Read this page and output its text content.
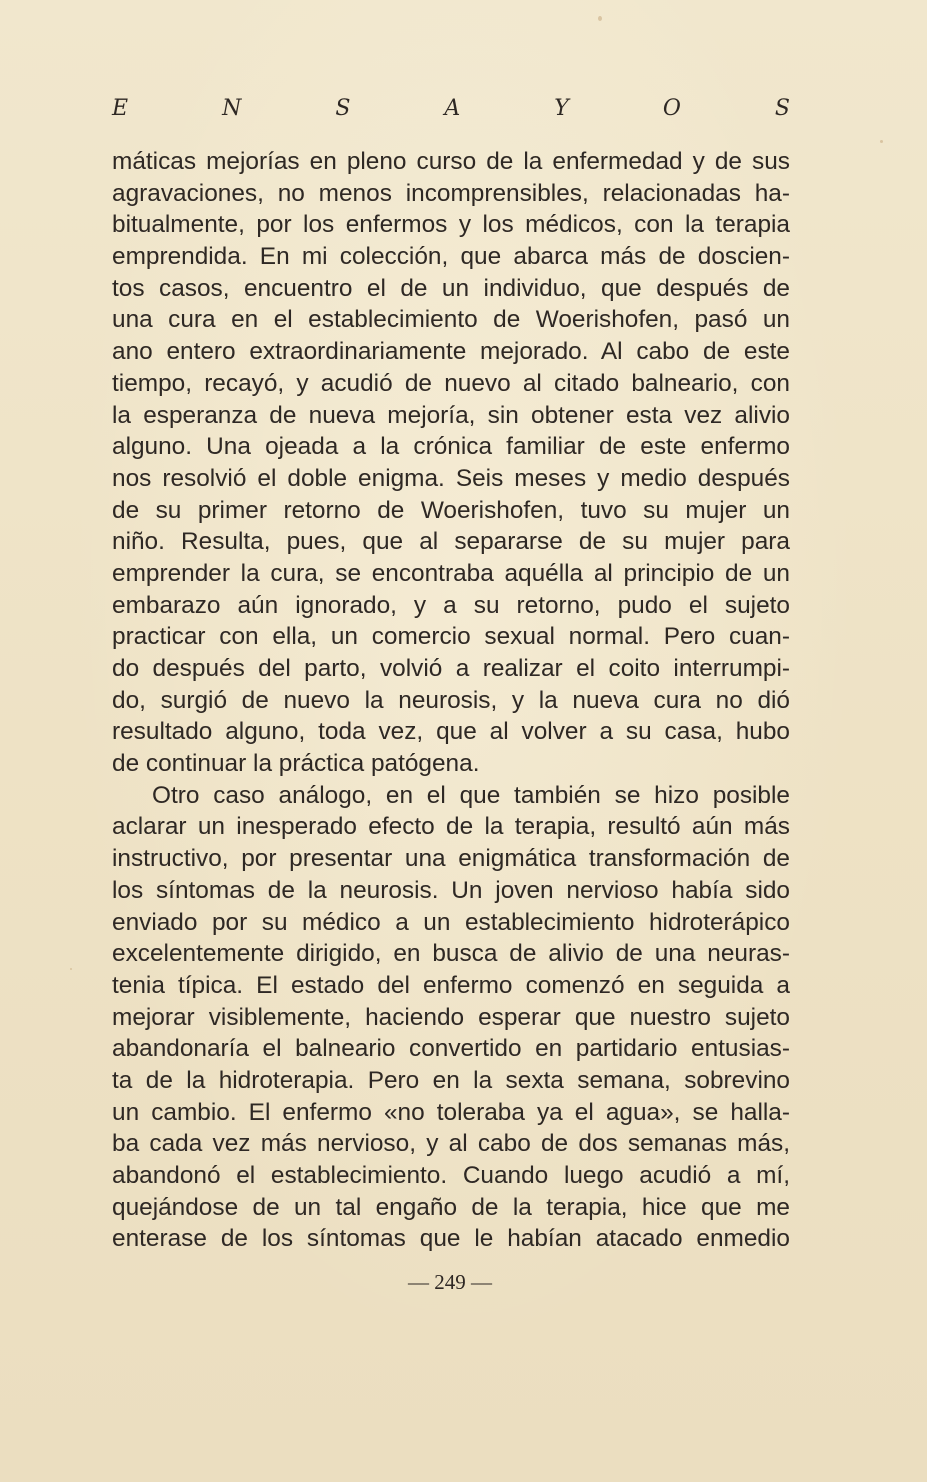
E	N	S	A	Y	O	S
máticas mejorías en pleno curso de la enfermedad y de sus
agravaciones, no menos incomprensibles, relacionadas ha-
bitualmente, por los enfermos y los médicos, con la terapia
emprendida. En mi colección, que abarca más de doscien-
tos casos, encuentro el de un individuo, que después de
una cura en el establecimiento de Woerishofen, pasó un
ano entero extraordinariamente mejorado. Al cabo de este
tiempo, recayó, y acudió de nuevo al citado balneario, con
la esperanza de nueva mejoría, sin obtener esta vez alivio
alguno. Una ojeada a la crónica familiar de este enfermo
nos resolvió el doble enigma. Seis meses y medio después
de su primer retorno de Woerishofen, tuvo su mujer un
niño. Resulta, pues, que al separarse de su mujer para
emprender la cura, se encontraba aquélla al principio de un
embarazo aún ignorado, y a su retorno, pudo el sujeto
practicar con ella, un comercio sexual normal. Pero cuan-
do después del parto, volvió a realizar el coito interrumpi-
do, surgió de nuevo la neurosis, y la nueva cura no dió
resultado alguno, toda vez, que al volver a su casa, hubo
de continuar la práctica patógena.
Otro caso análogo, en el que también se hizo posible
aclarar un inesperado efecto de la terapia, resultó aún más
instructivo, por presentar una enigmática transformación de
los síntomas de la neurosis. Un joven nervioso había sido
enviado por su médico a un establecimiento hidroterápico
excelentemente dirigido, en busca de alivio de una neuras-
tenia típica. El estado del enfermo comenzó en seguida a
mejorar visiblemente, haciendo esperar que nuestro sujeto
abandonaría el balneario convertido en partidario entusias-
ta de la hidroterapia. Pero en la sexta semana, sobrevino
un cambio. El enfermo «no toleraba ya el agua», se halla-
ba cada vez más nervioso, y al cabo de dos semanas más,
abandonó el establecimiento. Cuando luego acudió a mí,
quejándose de un tal engaño de la terapia, hice que me
enterase de los síntomas que le habían atacado enmedio
— 249 —
